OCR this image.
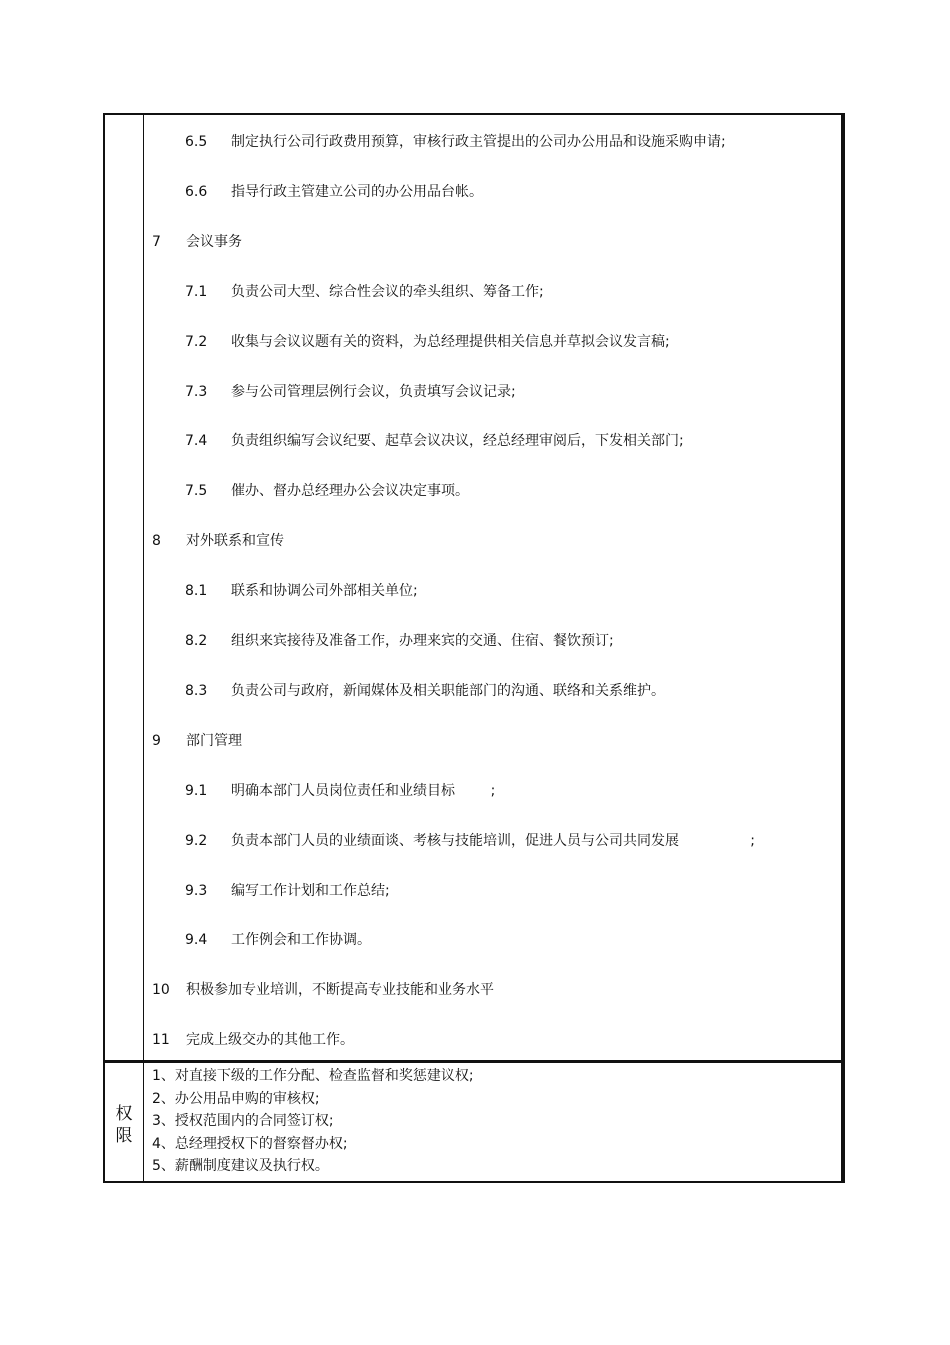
6.5 制定执行公司行政费用预算，审核行政主管提出的公司办公用品和设施采购申请;
6.6 指导行政主管建立公司的办公用品台帐。
7 会议事务
7.1 负责公司大型、综合性会议的牵头组织、筹备工作;
7.2 收集与会议议题有关的资料，为总经理提供相关信息并草拟会议发言稿;
7.3 参与公司管理层例行会议，负责填写会议记录;
7.4 负责组织编写会议纪要、起草会议决议，经总经理审阅后，下发相关部门;
7.5 催办、督办总经理办公会议决定事项。
8 对外联系和宣传
8.1 联系和协调公司外部相关单位;
8.2 组织来宾接待及准备工作，办理来宾的交通、住宿、餐饮预订;
8.3 负责公司与政府，新闻媒体及相关职能部门的沟通、联络和关系维护。
9 部门管理
9.1 明确本部门人员岗位责任和业绩目标        ;
9.2 负责本部门人员的业绩面谈、考核与技能培训，促进人员与公司共同发展                ;
9.3 编写工作计划和工作总结;
9.4 工作例会和工作协调。
10 积极参加专业培训，不断提高专业技能和业务水平
11 完成上级交办的其他工作。
权
限
1、对直接下级的工作分配、检查监督和奖惩建议权;
2、办公用品申购的审核权;
3、授权范围内的合同签订权;
4、总经理授权下的督察督办权;
5、薪酬制度建议及执行权。
